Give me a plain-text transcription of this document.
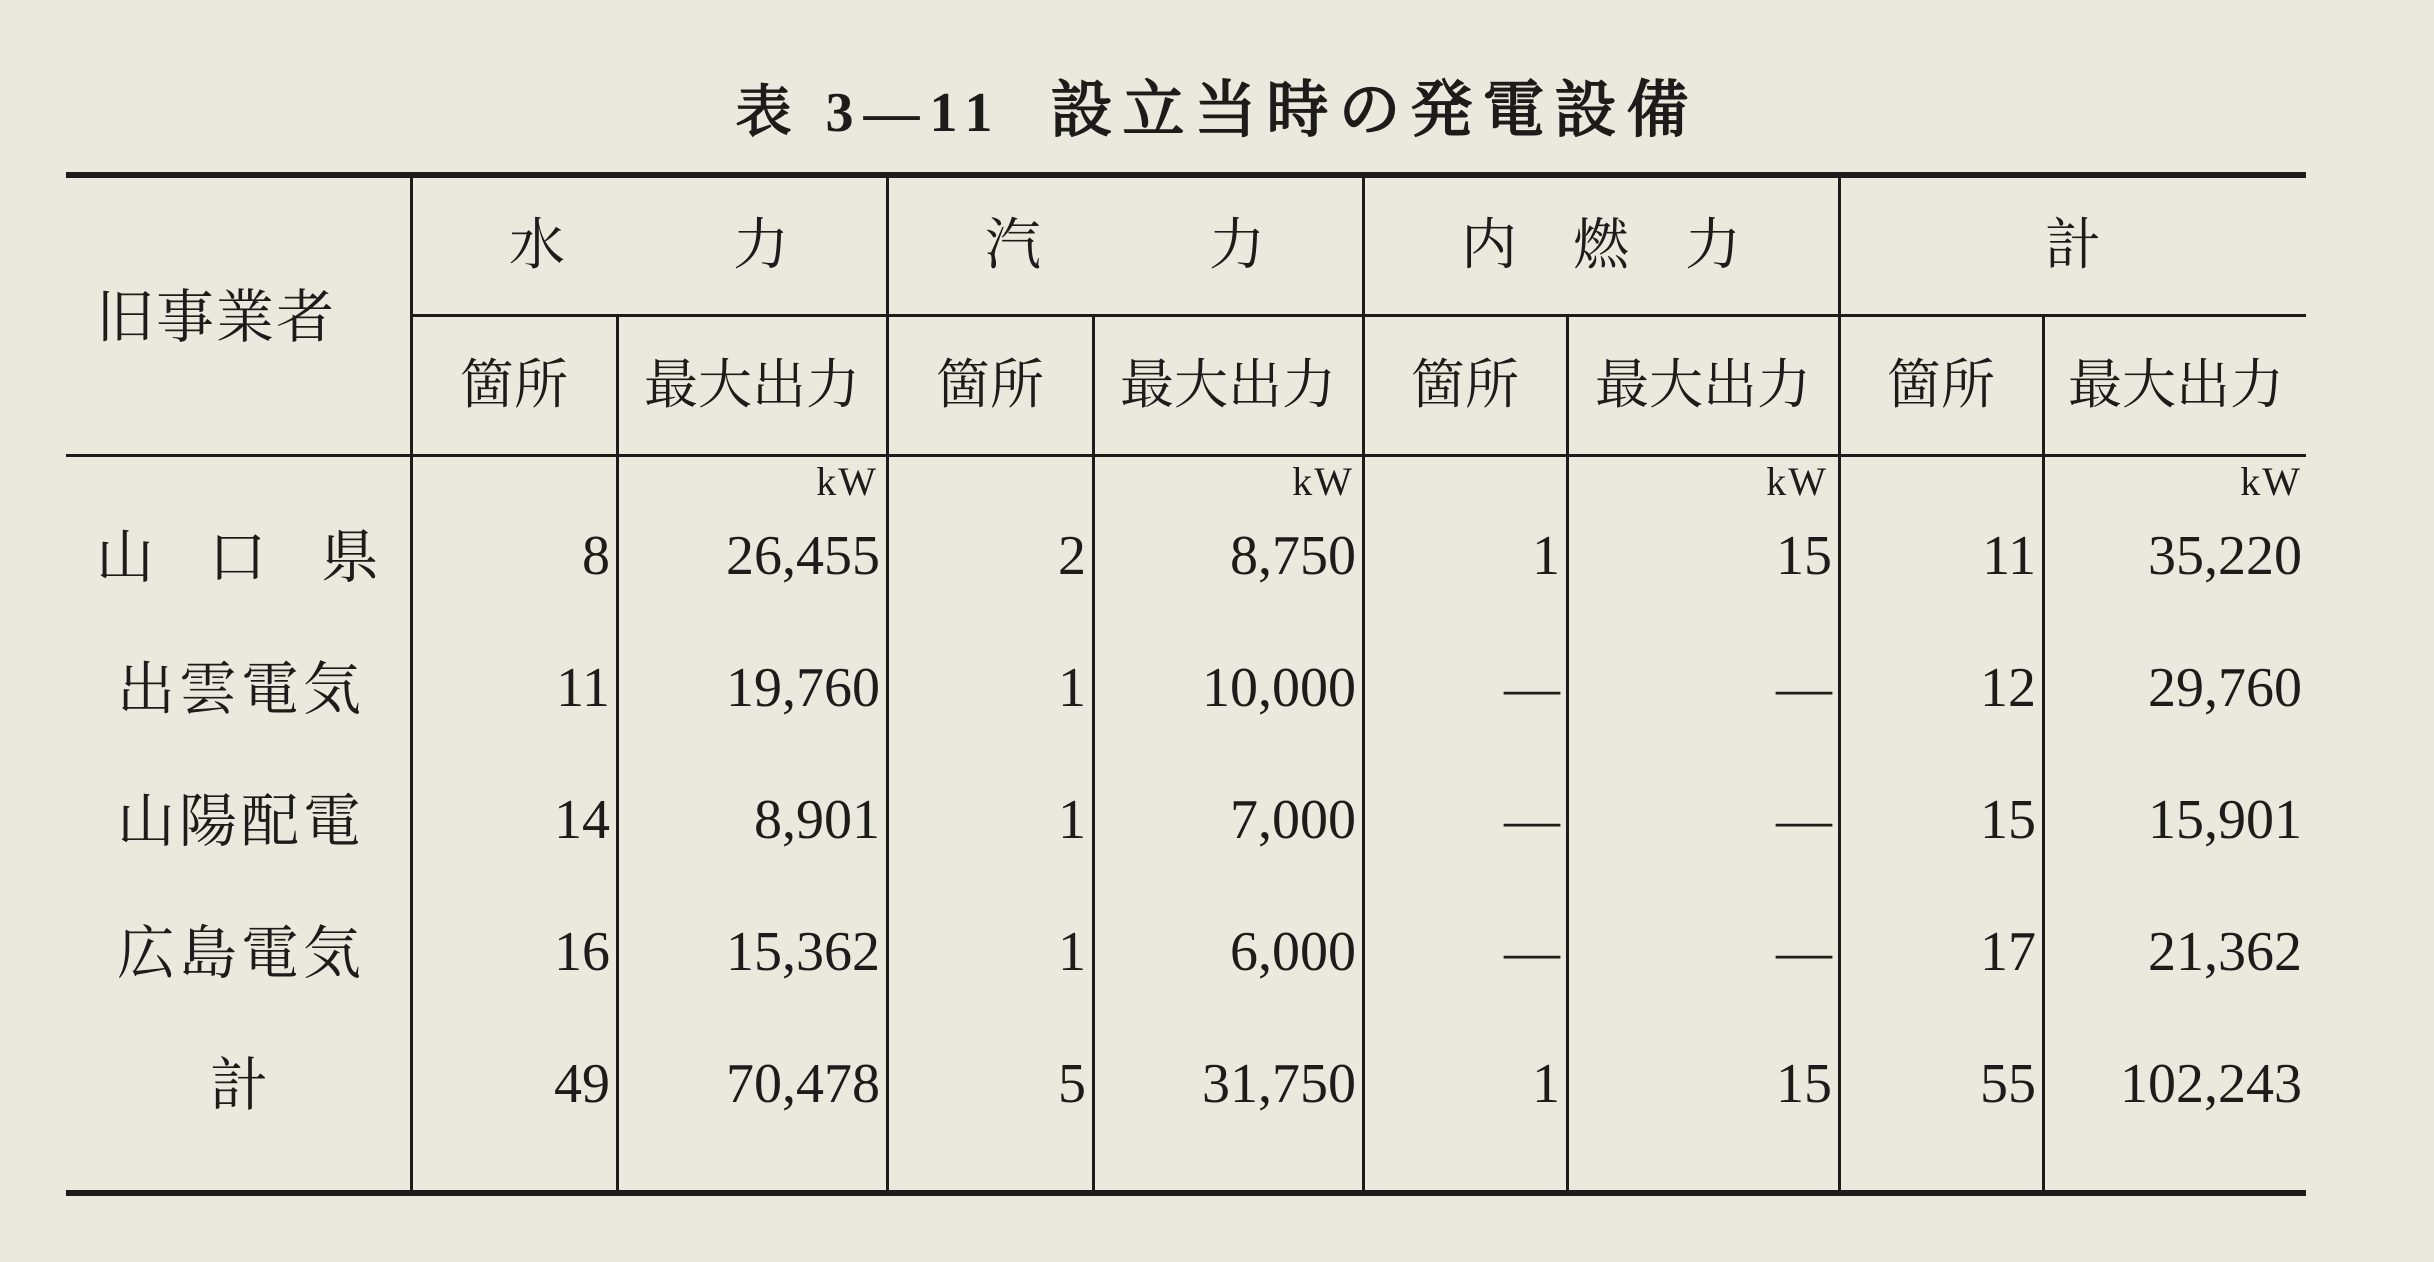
表 3—11 設立当時の発電設備
旧事業者
水　　　力	汽　　　力	内　燃　力	計
箇所	最大出力	箇所	最大出力	箇所	最大出力	箇所	最大出力
kW	kW	kW	kW
山 口 県	8	26,455	2	8,750	1	15	11	35,220
出雲電気	11	19,760	1	10,000	—	—	12	29,760
山陽配電	14	8,901	1	7,000	—	—	15	15,901
広島電気	16	15,362	1	6,000	—	—	17	21,362
計	49	70,478	5	31,750	1	15	55	102,243
